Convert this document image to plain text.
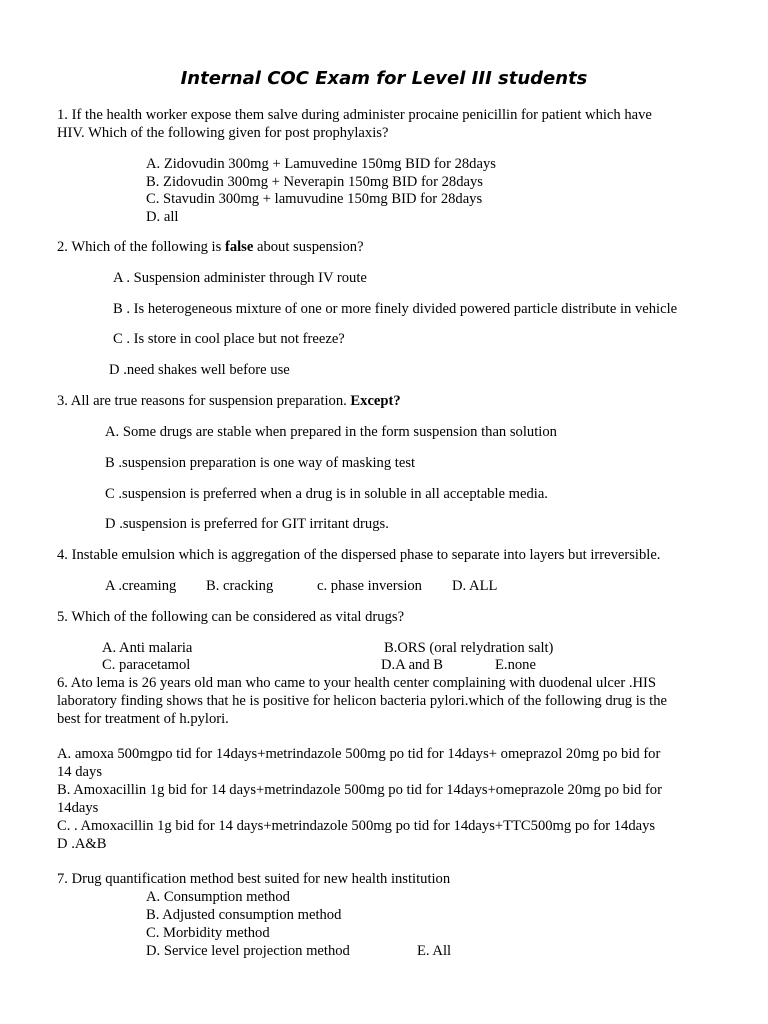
Internal COC Exam for Level III students
1. If the health worker expose them salve during administer procaine penicillin for patient which have
HIV. Which of the following given for post prophylaxis?
A. Zidovudin 300mg + Lamuvedine 150mg BID for 28days
B. Zidovudin 300mg + Neverapin 150mg BID for 28days
C. Stavudin 300mg + lamuvudine 150mg BID for 28days
D. all
2. Which of the following is false about suspension?
A . Suspension administer through IV route
B . Is heterogeneous mixture of one or more finely divided powered particle distribute in vehicle
C . Is store in cool place but not freeze?
D .need shakes well before use
3. All are true reasons for suspension preparation. Except?
A. Some drugs are stable when prepared in the form suspension than solution
B .suspension preparation is one way of masking test
C .suspension is preferred when a drug is in soluble in all acceptable media.
D .suspension is preferred for GIT irritant drugs.
4. Instable emulsion which is aggregation of the dispersed phase to separate into layers but irreversible.
A .creaming B. cracking	c. phase inversion D. ALL
5. Which of the following can be considered as vital drugs?
A. Anti malaria	B.ORS (oral relydration salt)
C. paracetamol	D.A and B	E.none
6. Ato lema is 26 years old man who came to your health center complaining with duodenal ulcer .HIS
laboratory finding shows that he is positive for helicon bacteria pylori.which of the following drug is the
best for treatment of h.pylori.
A. amoxa 500mgpo tid for 14days+metrindazole 500mg po tid for 14days+ omeprazol 20mg po bid for
14 days
B. Amoxacillin 1g bid for 14 days+metrindazole 500mg po tid for 14days+omeprazole 20mg po bid for
14days
C. . Amoxacillin 1g bid for 14 days+metrindazole 500mg po tid for 14days+TTC500mg po for 14days
D .A&B
7. Drug quantification method best suited for new health institution
A. Consumption method
B. Adjusted consumption method
C. Morbidity method
D. Service level projection method	E. All
